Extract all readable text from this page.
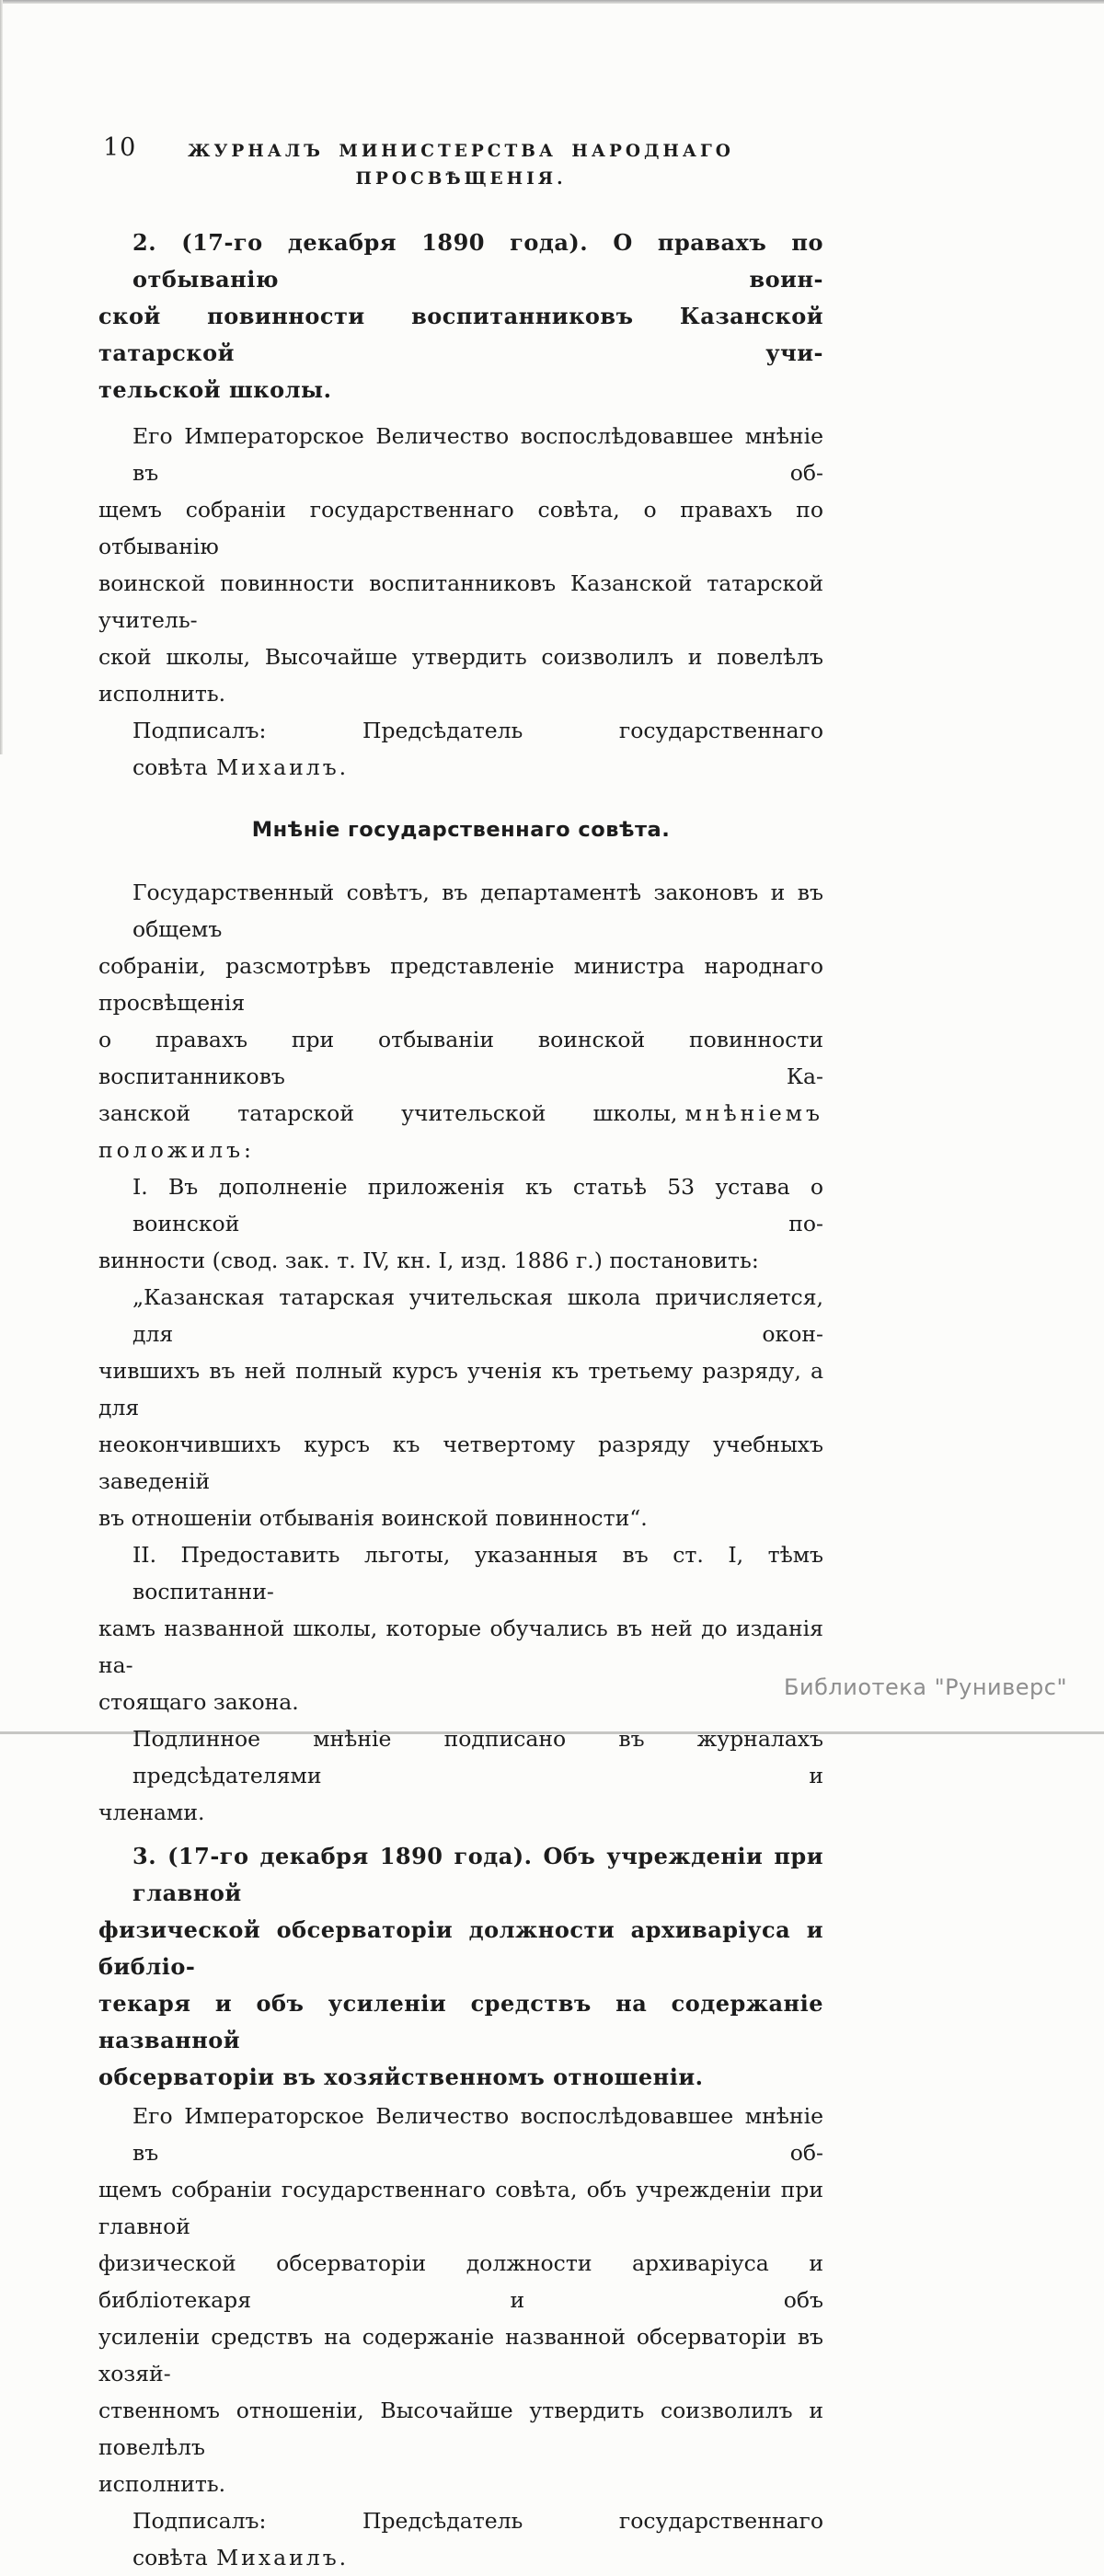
10	ЖУРНАЛЪ МИНИСТЕРСТВА НАРОДНАГО ПРОСВѢЩЕНІЯ.
2. (17-го декабря 1890 года). О правахъ по отбыванію воин-
ской повинности воспитанниковъ Казанской татарской учи-
тельской школы.
Его Императорское Величество воспослѣдовавшее мнѣніе въ об-
щемъ собраніи государственнаго совѣта, о правахъ по отбыванію
воинской повинности воспитанниковъ Казанской татарской учитель-
ской школы, Высочайше утвердить соизволилъ и повелѣлъ исполнить.
Подписалъ: Предсѣдатель государственнаго совѣта Михаилъ.
Мнѣніе государственнаго совѣта.
Государственный совѣтъ, въ департаментѣ законовъ и въ общемъ
собраніи, разсмотрѣвъ представленіе министра народнаго просвѣщенія
о правахъ при отбываніи воинской повинности воспитанниковъ Ка-
занской татарской учительской школы, мнѣніемъ положилъ:
I. Въ дополненіе приложенія къ статьѣ 53 устава о воинской по-
винности (свод. зак. т. IV, кн. I, изд. 1886 г.) постановить:
„Казанская татарская учительская школа причисляется, для окон-
чившихъ въ ней полный курсъ ученія къ третьему разряду, а для
неокончившихъ курсъ къ четвертому разряду учебныхъ заведеній
въ отношеніи отбыванія воинской повинности“.
II. Предоставить льготы, указанныя въ ст. I, тѣмъ воспитанни-
камъ названной школы, которые обучались въ ней до изданія на-
стоящаго закона.
Подлинное мнѣніе подписано въ журналахъ предсѣдателями и
членами.
3. (17-го декабря 1890 года). Объ учрежденіи при главной
физической обсерваторіи должности архиваріуса и библіо-
текаря и объ усиленіи средствъ на содержаніе названной
обсерваторіи въ хозяйственномъ отношеніи.
Его Императорское Величество воспослѣдовавшее мнѣніе въ об-
щемъ собраніи государственнаго совѣта, объ учрежденіи при главной
физической обсерваторіи должности архиваріуса и библіотекаря и объ
усиленіи средствъ на содержаніе названной обсерваторіи въ хозяй-
ственномъ отношеніи, Высочайше утвердить соизволилъ и повелѣлъ
исполнить.
Подписалъ: Предсѣдатель государственнаго совѣта Михаилъ.
Библиотека "Руниверс"
